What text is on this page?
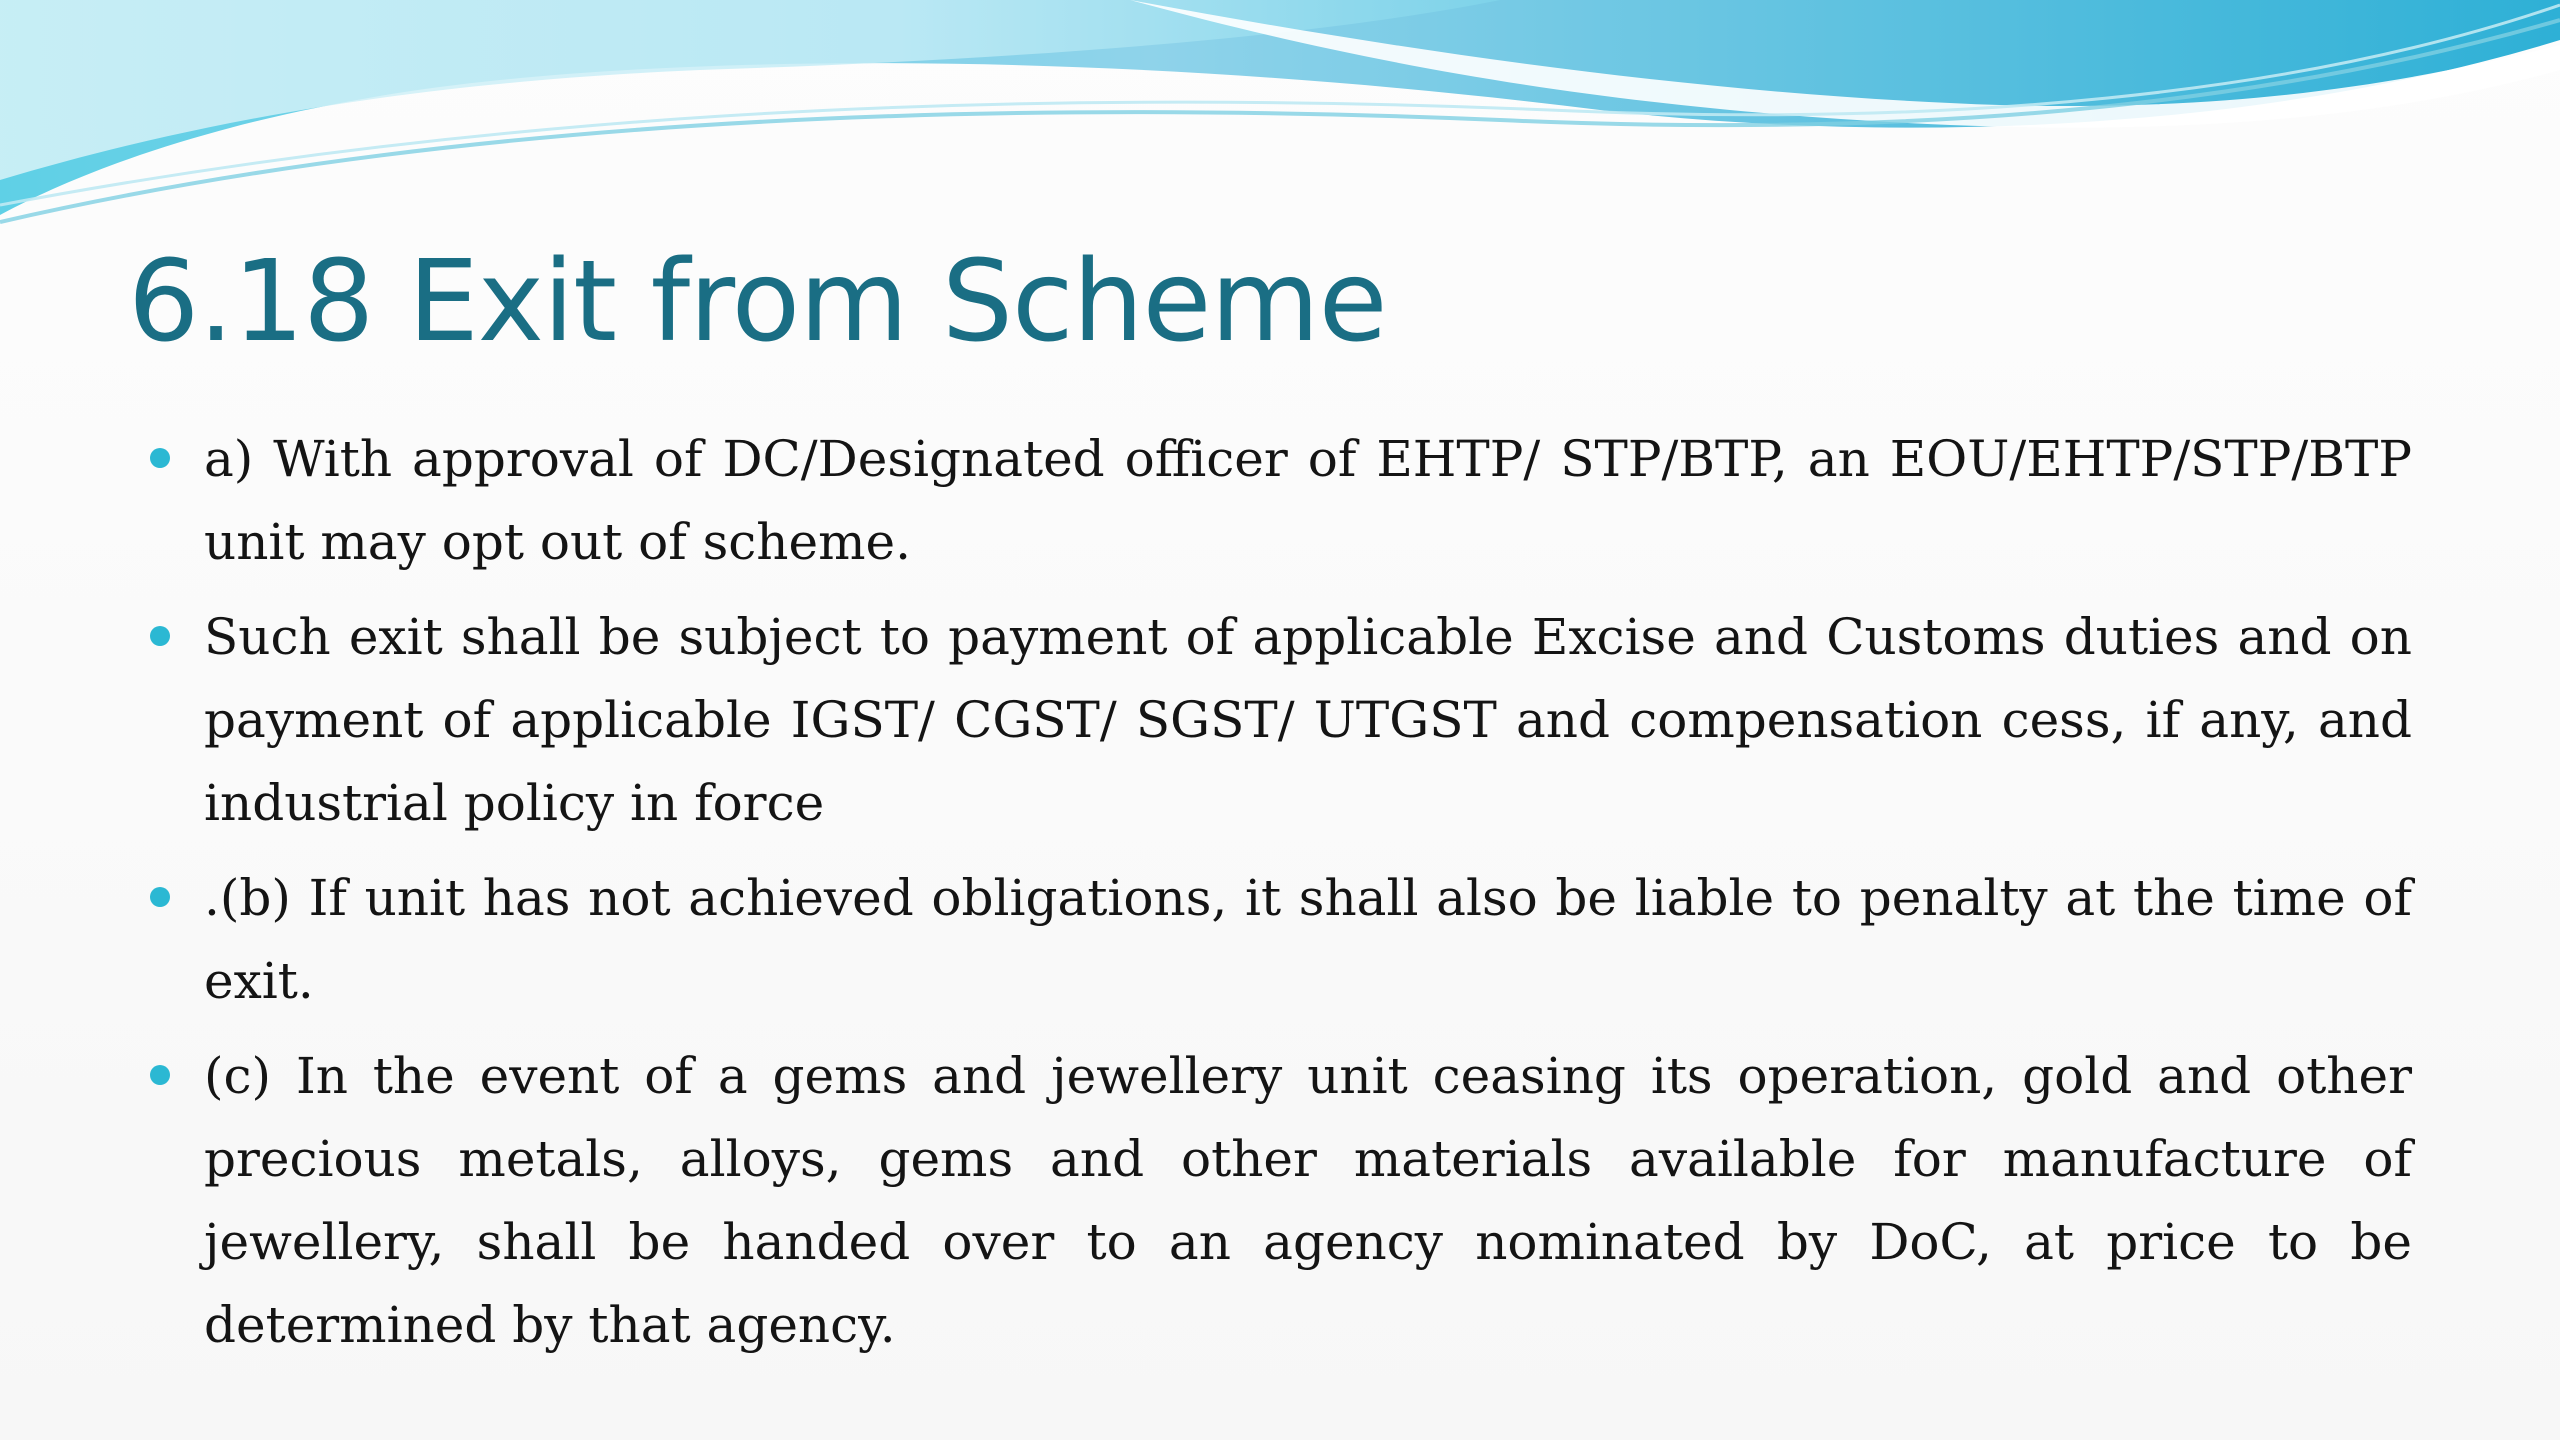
6.18 Exit from Scheme
a) With approval of DC/Designated officer of EHTP/ STP/BTP, an EOU/EHTP/STP/BTP unit may opt out of scheme.
Such exit shall be subject to payment of applicable Excise and Customs duties and on payment of applicable IGST/ CGST/ SGST/ UTGST and compensation cess, if any, and industrial policy in force
.(b) If unit has not achieved obligations, it shall also be liable to penalty at the time of exit.
(c) In the event of a gems and jewellery unit ceasing its operation, gold and other precious metals, alloys, gems and other materials available for manufacture of jewellery, shall be handed over to an agency nominated by DoC, at price to be determined by that agency.
